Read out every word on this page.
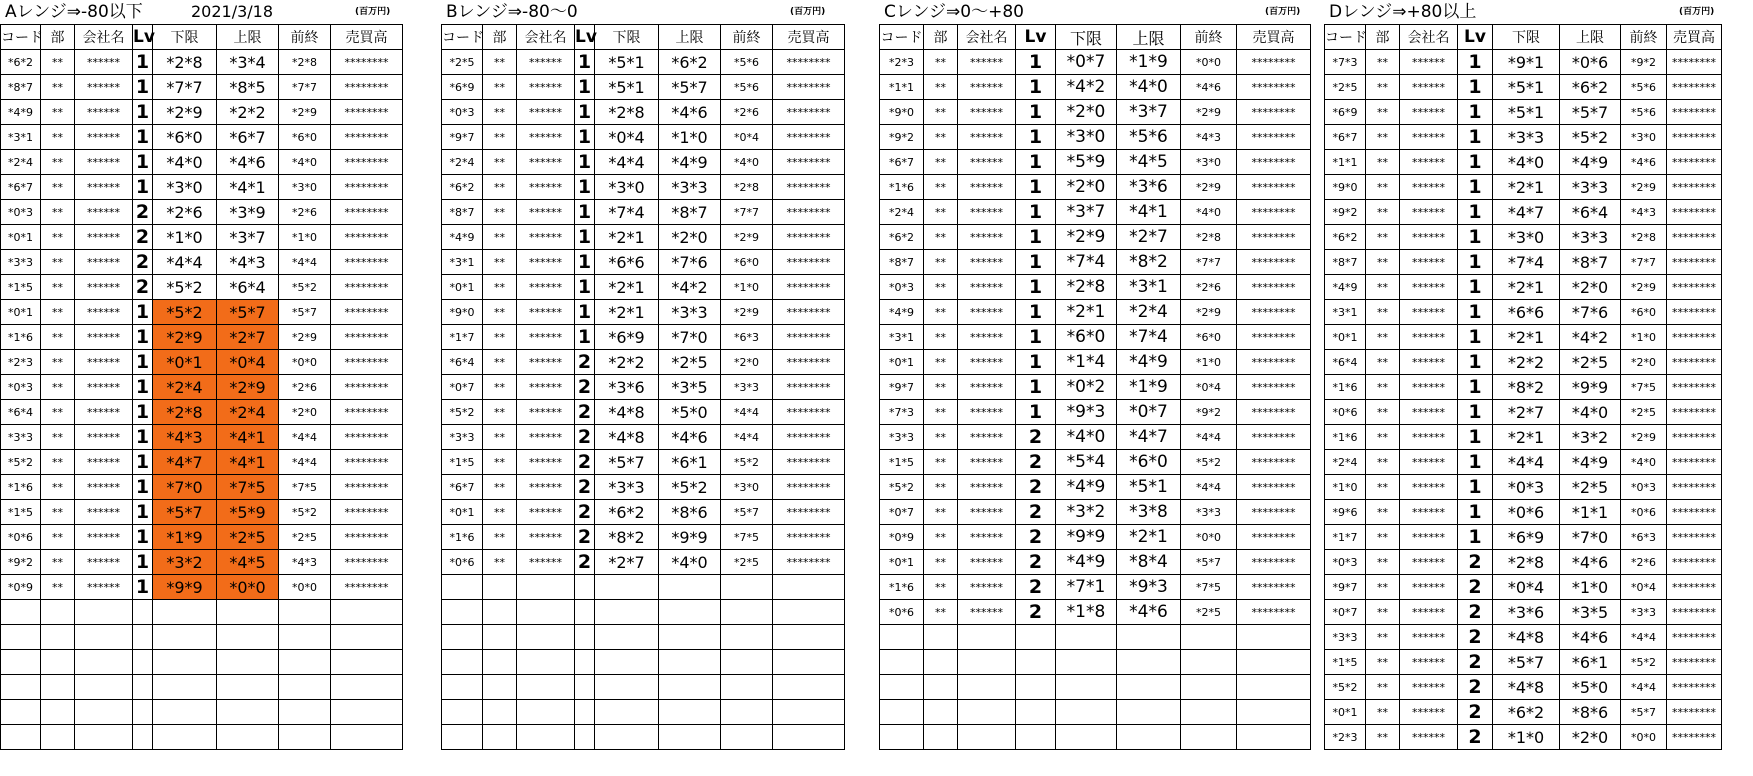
Aレンジ⇒-80以下	2021/3/18	(百万円)
コード	部	会社名	Lv	下限	上限	前終	売買高
*6*2	**	******	1	*2*8	*3*4	*2*8	********
*8*7	**	******	1	*7*7	*8*5	*7*7	********
*4*9	**	******	1	*2*9	*2*2	*2*9	********
*3*1	**	******	1	*6*0	*6*7	*6*0	********
*2*4	**	******	1	*4*0	*4*6	*4*0	********
*6*7	**	******	1	*3*0	*4*1	*3*0	********
*0*3	**	******	2	*2*6	*3*9	*2*6	********
*0*1	**	******	2	*1*0	*3*7	*1*0	********
*3*3	**	******	2	*4*4	*4*3	*4*4	********
*1*5	**	******	2	*5*2	*6*4	*5*2	********
*0*1	**	******	1	*5*2	*5*7	*5*7	********
*1*6	**	******	1	*2*9	*2*7	*2*9	********
*2*3	**	******	1	*0*1	*0*4	*0*0	********
*0*3	**	******	1	*2*4	*2*9	*2*6	********
*6*4	**	******	1	*2*8	*2*4	*2*0	********
*3*3	**	******	1	*4*3	*4*1	*4*4	********
*5*2	**	******	1	*4*7	*4*1	*4*4	********
*1*6	**	******	1	*7*0	*7*5	*7*5	********
*1*5	**	******	1	*5*7	*5*9	*5*2	********
*0*6	**	******	1	*1*9	*2*5	*2*5	********
*9*2	**	******	1	*3*2	*4*5	*4*3	********
*0*9	**	******	1	*9*9	*0*0	*0*0	********

Bレンジ⇒-80〜0	(百万円)
コード	部	会社名	Lv	下限	上限	前終	売買高
*2*5	**	******	1	*5*1	*6*2	*5*6	********
*6*9	**	******	1	*5*1	*5*7	*5*6	********
*0*3	**	******	1	*2*8	*4*6	*2*6	********
*9*7	**	******	1	*0*4	*1*0	*0*4	********
*2*4	**	******	1	*4*4	*4*9	*4*0	********
*6*2	**	******	1	*3*0	*3*3	*2*8	********
*8*7	**	******	1	*7*4	*8*7	*7*7	********
*4*9	**	******	1	*2*1	*2*0	*2*9	********
*3*1	**	******	1	*6*6	*7*6	*6*0	********
*0*1	**	******	1	*2*1	*4*2	*1*0	********
*9*0	**	******	1	*2*1	*3*3	*2*9	********
*1*7	**	******	1	*6*9	*7*0	*6*3	********
*6*4	**	******	2	*2*2	*2*5	*2*0	********
*0*7	**	******	2	*3*6	*3*5	*3*3	********
*5*2	**	******	2	*4*8	*5*0	*4*4	********
*3*3	**	******	2	*4*8	*4*6	*4*4	********
*1*5	**	******	2	*5*7	*6*1	*5*2	********
*6*7	**	******	2	*3*3	*5*2	*3*0	********
*0*1	**	******	2	*6*2	*8*6	*5*7	********
*1*6	**	******	2	*8*2	*9*9	*7*5	********
*0*6	**	******	2	*2*7	*4*0	*2*5	********

Cレンジ⇒0〜+80	(百万円)
コード	部	会社名	Lv	下限	上限	前終	売買高
*2*3	**	******	1	*0*7	*1*9	*0*0	********
*1*1	**	******	1	*4*2	*4*0	*4*6	********
*9*0	**	******	1	*2*0	*3*7	*2*9	********
*9*2	**	******	1	*3*0	*5*6	*4*3	********
*6*7	**	******	1	*5*9	*4*5	*3*0	********
*1*6	**	******	1	*2*0	*3*6	*2*9	********
*2*4	**	******	1	*3*7	*4*1	*4*0	********
*6*2	**	******	1	*2*9	*2*7	*2*8	********
*8*7	**	******	1	*7*4	*8*2	*7*7	********
*0*3	**	******	1	*2*8	*3*1	*2*6	********
*4*9	**	******	1	*2*1	*2*4	*2*9	********
*3*1	**	******	1	*6*0	*7*4	*6*0	********
*0*1	**	******	1	*1*4	*4*9	*1*0	********
*9*7	**	******	1	*0*2	*1*9	*0*4	********
*7*3	**	******	1	*9*3	*0*7	*9*2	********
*3*3	**	******	2	*4*0	*4*7	*4*4	********
*1*5	**	******	2	*5*4	*6*0	*5*2	********
*5*2	**	******	2	*4*9	*5*1	*4*4	********
*0*7	**	******	2	*3*2	*3*8	*3*3	********
*0*9	**	******	2	*9*9	*2*1	*0*0	********
*0*1	**	******	2	*4*9	*8*4	*5*7	********
*1*6	**	******	2	*7*1	*9*3	*7*5	********
*0*6	**	******	2	*1*8	*4*6	*2*5	********

Dレンジ⇒+80以上	(百万円)
コード	部	会社名	Lv	下限	上限	前終	売買高
*7*3	**	******	1	*9*1	*0*6	*9*2	********
*2*5	**	******	1	*5*1	*6*2	*5*6	********
*6*9	**	******	1	*5*1	*5*7	*5*6	********
*6*7	**	******	1	*3*3	*5*2	*3*0	********
*1*1	**	******	1	*4*0	*4*9	*4*6	********
*9*0	**	******	1	*2*1	*3*3	*2*9	********
*9*2	**	******	1	*4*7	*6*4	*4*3	********
*6*2	**	******	1	*3*0	*3*3	*2*8	********
*8*7	**	******	1	*7*4	*8*7	*7*7	********
*4*9	**	******	1	*2*1	*2*0	*2*9	********
*3*1	**	******	1	*6*6	*7*6	*6*0	********
*0*1	**	******	1	*2*1	*4*2	*1*0	********
*6*4	**	******	1	*2*2	*2*5	*2*0	********
*1*6	**	******	1	*8*2	*9*9	*7*5	********
*0*6	**	******	1	*2*7	*4*0	*2*5	********
*1*6	**	******	1	*2*1	*3*2	*2*9	********
*2*4	**	******	1	*4*4	*4*9	*4*0	********
*1*0	**	******	1	*0*3	*2*5	*0*3	********
*9*6	**	******	1	*0*6	*1*1	*0*6	********
*1*7	**	******	1	*6*9	*7*0	*6*3	********
*0*3	**	******	2	*2*8	*4*6	*2*6	********
*9*7	**	******	2	*0*4	*1*0	*0*4	********
*0*7	**	******	2	*3*6	*3*5	*3*3	********
*3*3	**	******	2	*4*8	*4*6	*4*4	********
*1*5	**	******	2	*5*7	*6*1	*5*2	********
*5*2	**	******	2	*4*8	*5*0	*4*4	********
*0*1	**	******	2	*6*2	*8*6	*5*7	********
*2*3	**	******	2	*1*0	*2*0	*0*0	********
